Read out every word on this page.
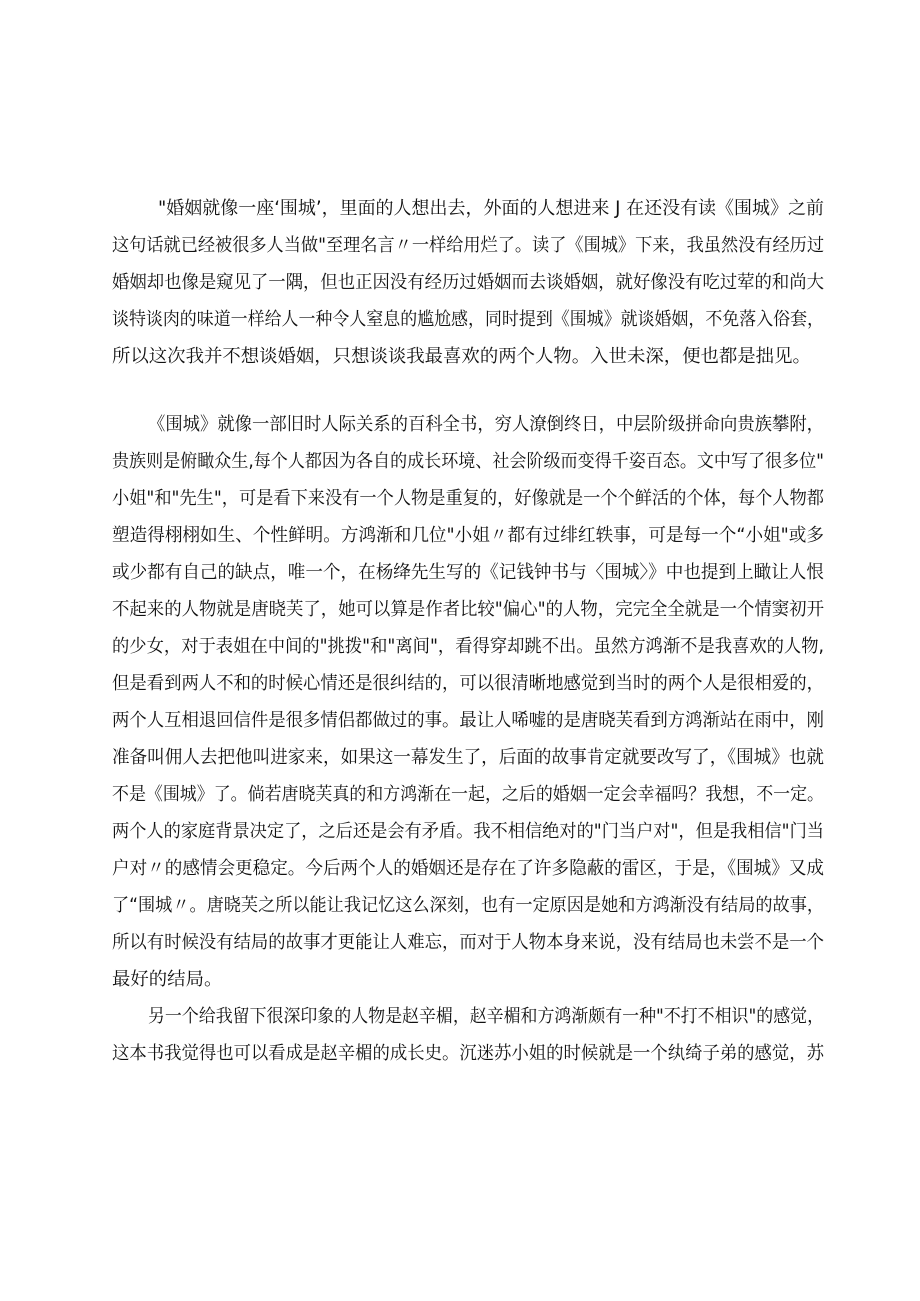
"婚姻就像一座‘围城’，里面的人想出去，外面的人想进来 J 在还没有读《围城》之前
这句话就已经被很多人当做"至理名言〃一样给用烂了。读了《围城》下来，我虽然没有经历过
婚姻却也像是窥见了一隅，但也正因没有经历过婚姻而去谈婚姻，就好像没有吃过荤的和尚大
谈特谈肉的味道一样给人一种令人窒息的尴尬感，同时提到《围城》就谈婚姻，不免落入俗套，
所以这次我并不想谈婚姻，只想谈谈我最喜欢的两个人物。入世未深，便也都是拙见。
《围城》就像一部旧时人际关系的百科全书，穷人潦倒终日，中层阶级拼命向贵族攀附，
贵族则是俯瞰众生,每个人都因为各自的成长环境、社会阶级而变得千姿百态。文中写了很多位"
小姐"和"先生"，可是看下来没有一个人物是重复的，好像就是一个个鲜活的个体，每个人物都
塑造得栩栩如生、个性鲜明。方鸿渐和几位"小姐〃都有过绯红轶事，可是每一个“小姐"或多
或少都有自己的缺点，唯一个，在杨绛先生写的《记钱钟书与〈围城〉》中也提到上瞰让人恨
不起来的人物就是唐晓芙了，她可以算是作者比较"偏心"的人物，完完全全就是一个情窦初开
的少女，对于表姐在中间的"挑拨"和"离间"，看得穿却跳不出。虽然方鸿渐不是我喜欢的人物,
但是看到两人不和的时候心情还是很纠结的，可以很清晰地感觉到当时的两个人是很相爱的，
两个人互相退回信件是很多情侣都做过的事。最让人唏嘘的是唐晓芙看到方鸿渐站在雨中，刚
准备叫佣人去把他叫进家来，如果这一幕发生了，后面的故事肯定就要改写了，《围城》也就
不是《围城》了。倘若唐晓芙真的和方鸿渐在一起，之后的婚姻一定会幸福吗？我想，不一定。
两个人的家庭背景决定了，之后还是会有矛盾。我不相信绝对的"门当户对"，但是我相信"门当
户对〃的感情会更稳定。今后两个人的婚姻还是存在了许多隐蔽的雷区，于是，《围城》又成
了“围城〃。唐晓芙之所以能让我记忆这么深刻，也有一定原因是她和方鸿渐没有结局的故事，
所以有时候没有结局的故事才更能让人难忘，而对于人物本身来说，没有结局也未尝不是一个
最好的结局。
另一个给我留下很深印象的人物是赵辛楣，赵辛楣和方鸿渐颇有一种"不打不相识"的感觉，
这本书我觉得也可以看成是赵辛楣的成长史。沉迷苏小姐的时候就是一个纨绮子弟的感觉，苏
